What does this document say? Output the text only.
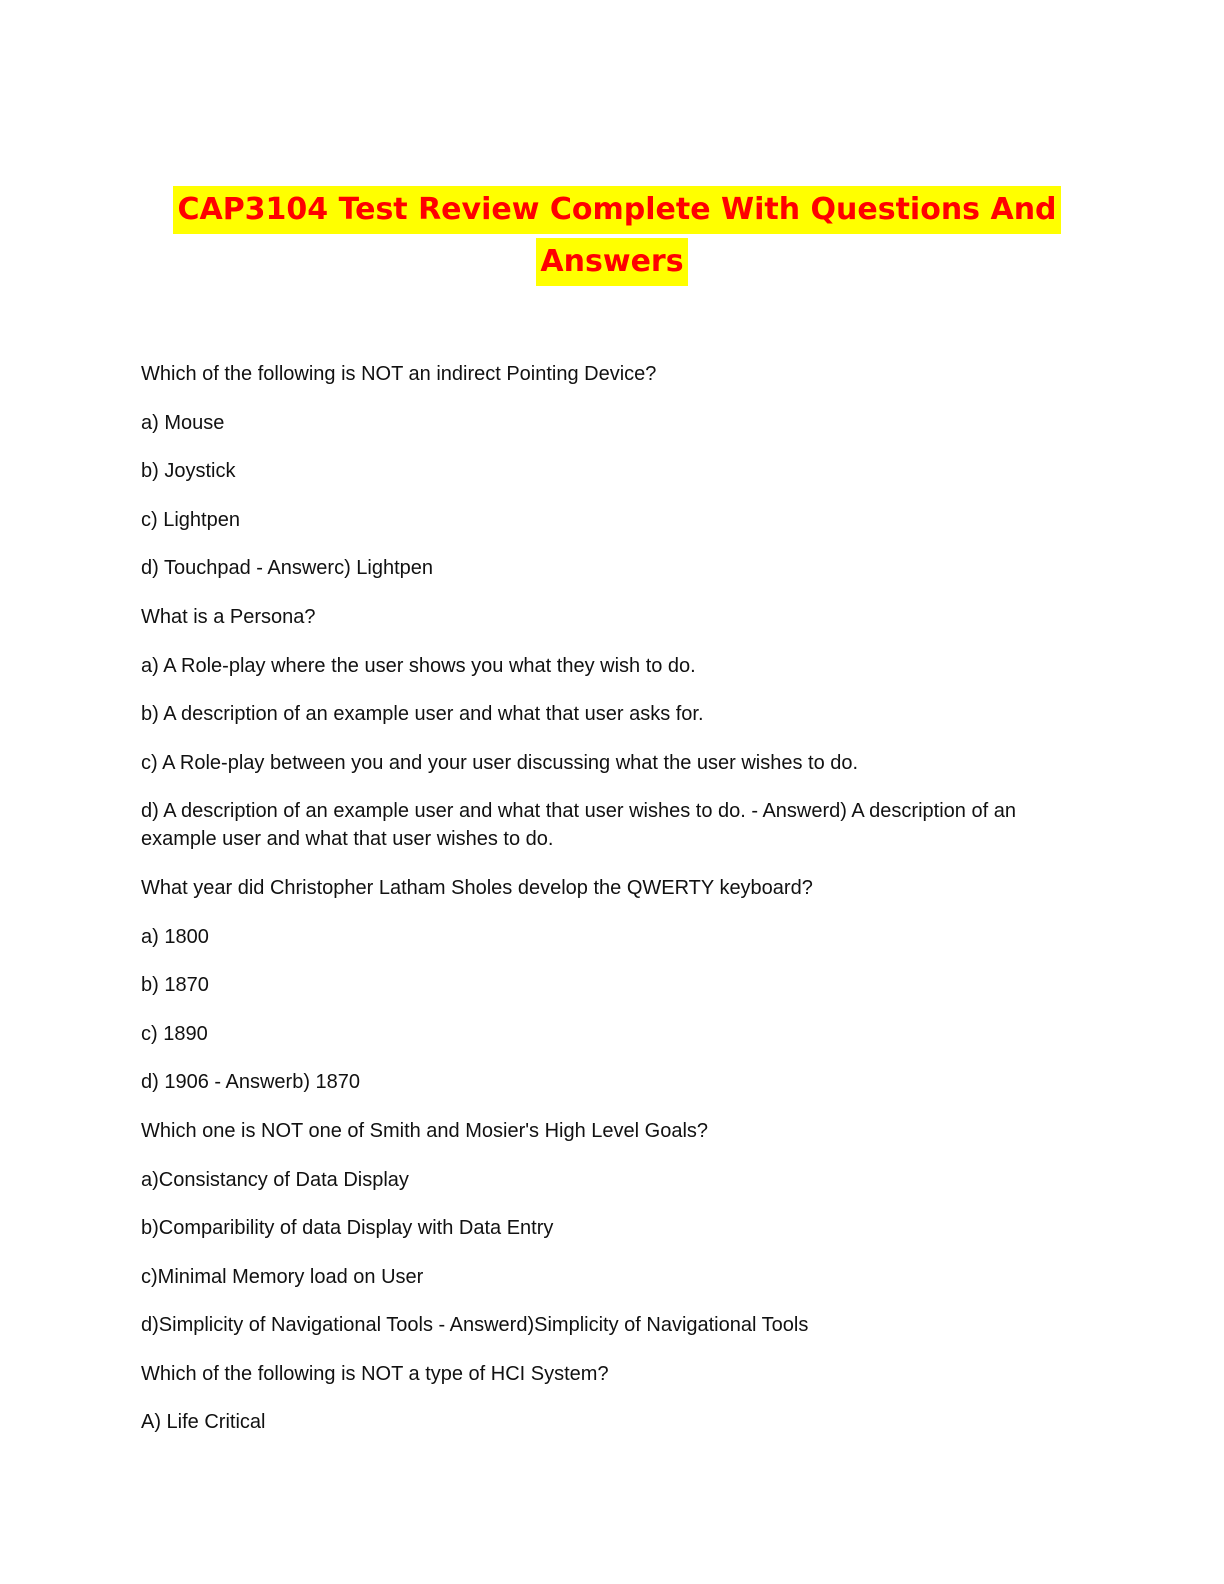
CAP3104 Test Review Complete With Questions And
Answers

Which of the following is NOT an indirect Pointing Device?

a) Mouse

b) Joystick

c) Lightpen

d) Touchpad - Answerc) Lightpen

What is a Persona?

a) A Role-play where the user shows you what they wish to do.

b) A description of an example user and what that user asks for.

c) A Role-play between you and your user discussing what the user wishes to do.

d) A description of an example user and what that user wishes to do. - Answerd) A description of an example user and what that user wishes to do.

What year did Christopher Latham Sholes develop the QWERTY keyboard?

a) 1800

b) 1870

c) 1890

d) 1906 - Answerb) 1870

Which one is NOT one of Smith and Mosier's High Level Goals?

a)Consistancy of Data Display

b)Comparibility of data Display with Data Entry

c)Minimal Memory load on User

d)Simplicity of Navigational Tools - Answerd)Simplicity of Navigational Tools

Which of the following is NOT a type of HCI System?

A) Life Critical
